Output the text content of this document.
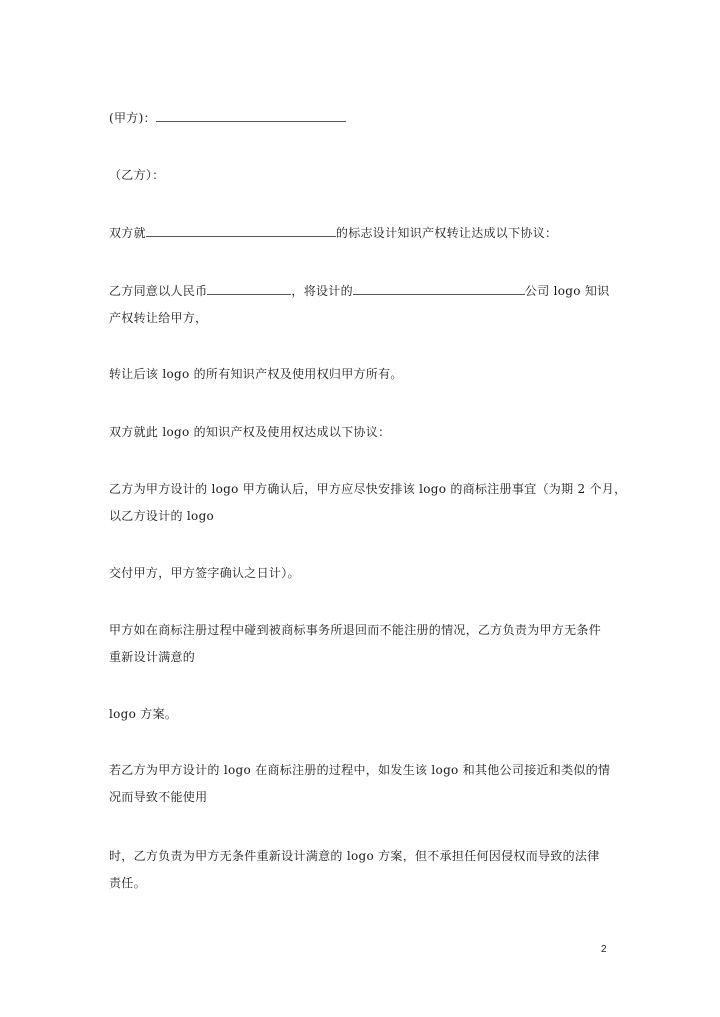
(甲方)：
（乙方）：
双方就	的标志设计知识产权转让达成以下协议：
乙方同意以人民币	，将设计的	公司 logo 知识
产权转让给甲方，
转让后该 logo 的所有知识产权及使用权归甲方所有。
双方就此 logo 的知识产权及使用权达成以下协议：
乙方为甲方设计的 logo 甲方确认后，甲方应尽快安排该 logo 的商标注册事宜（为期 2 个月，
以乙方设计的 logo
交付甲方，甲方签字确认之日计）。
甲方如在商标注册过程中碰到被商标事务所退回而不能注册的情况，乙方负责为甲方无条件
重新设计满意的
logo 方案。
若乙方为甲方设计的 logo 在商标注册的过程中，如发生该 logo 和其他公司接近和类似的情
况而导致不能使用
时，乙方负责为甲方无条件重新设计满意的 logo 方案，但不承担任何因侵权而导致的法律
责任。
2
